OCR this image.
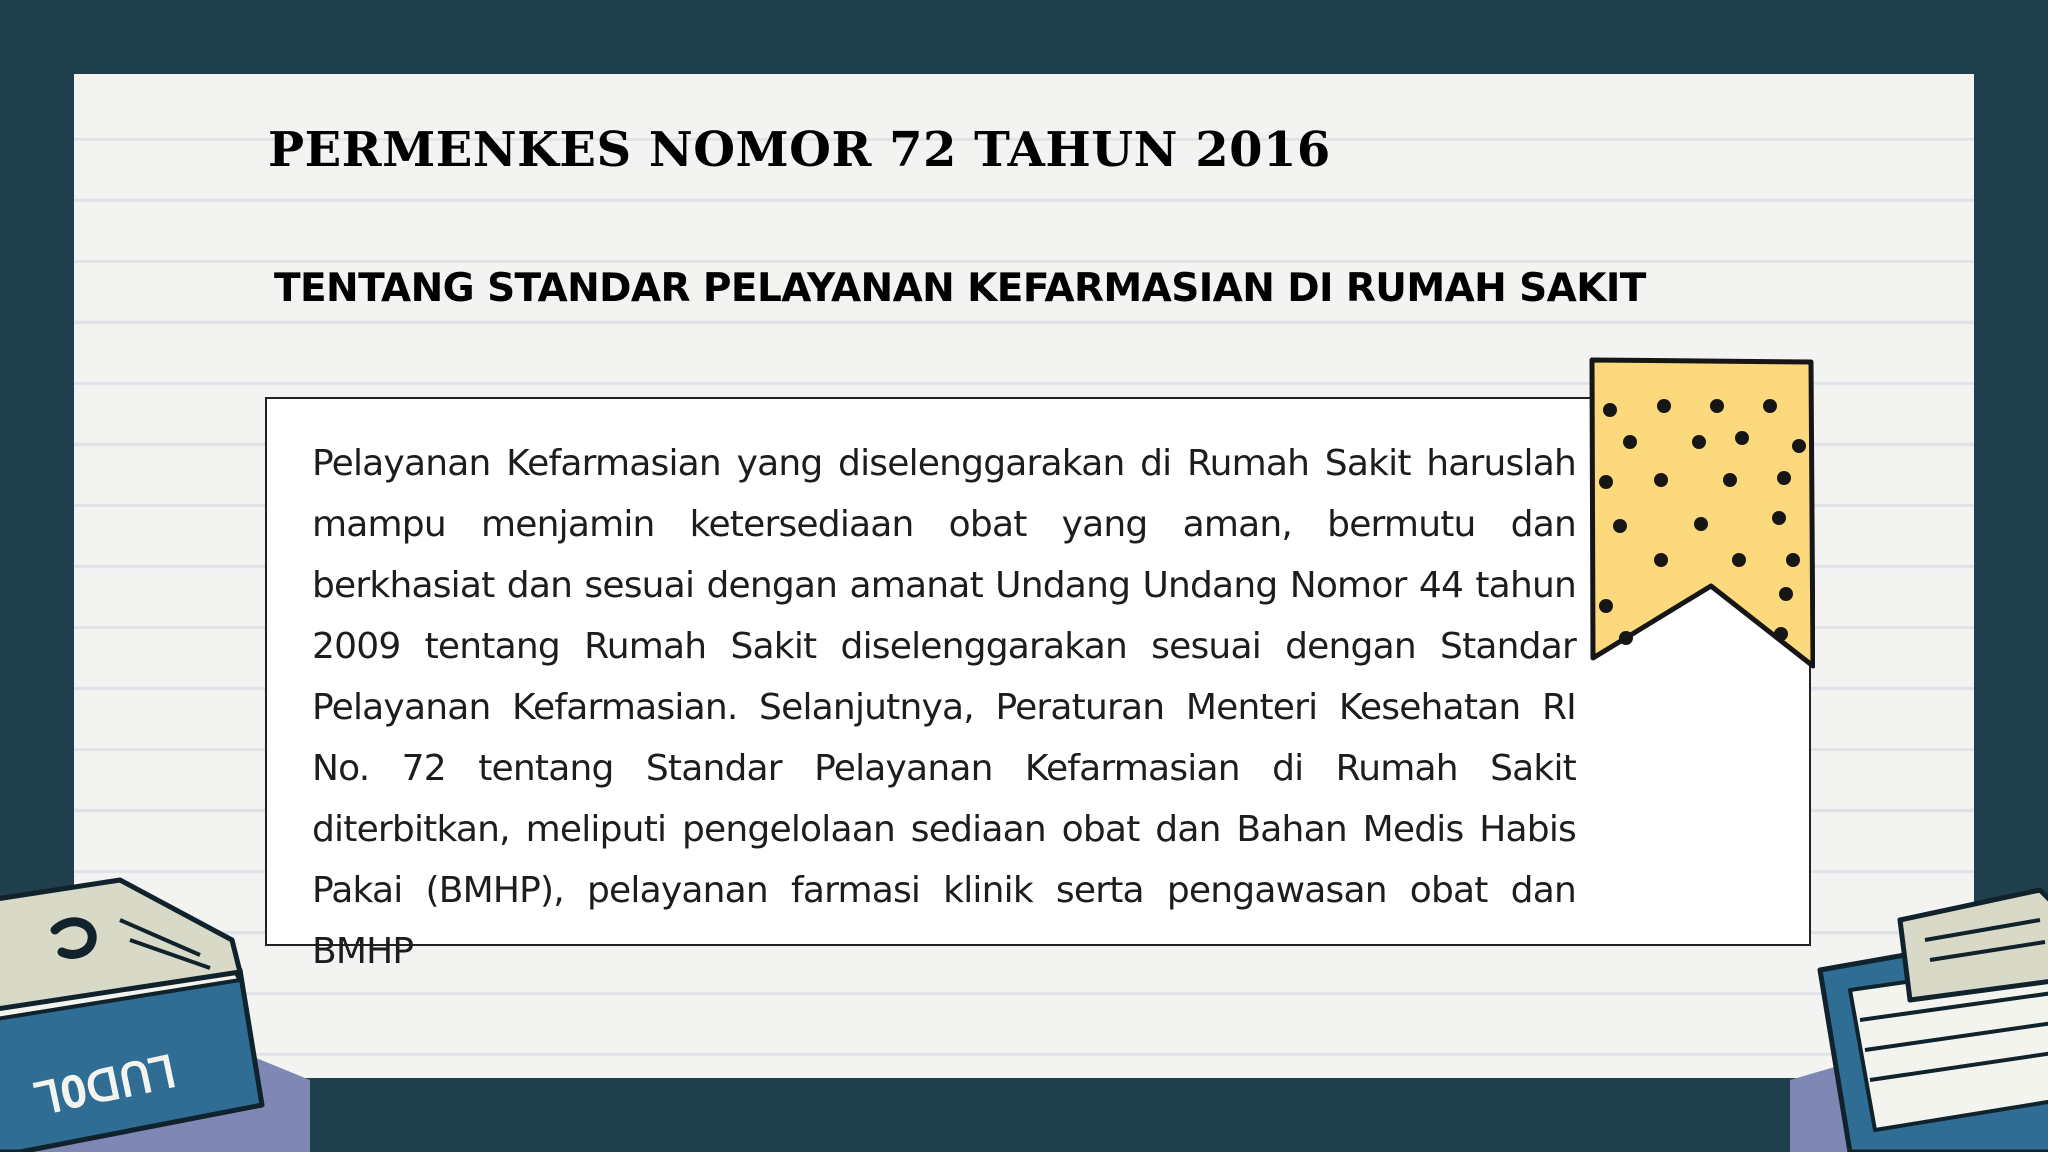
PERMENKES NOMOR 72 TAHUN 2016
TENTANG STANDAR PELAYANAN KEFARMASIAN DI RUMAH SAKIT

Pelayanan Kefarmasian yang diselenggarakan di Rumah Sakit haruslah mampu menjamin ketersediaan obat yang aman, bermutu dan berkhasiat dan sesuai dengan amanat Undang Undang Nomor 44 tahun 2009 tentang Rumah Sakit diselenggarakan sesuai dengan Standar Pelayanan Kefarmasian. Selanjutnya, Peraturan Menteri Kesehatan RI No. 72 tentang Standar Pelayanan Kefarmasian di Rumah Sakit diterbitkan, meliputi pengelolaan sediaan obat dan Bahan Medis Habis Pakai (BMHP), pelayanan farmasi klinik serta pengawasan obat dan BMHP

ꓶOꓷꓵꓶ
